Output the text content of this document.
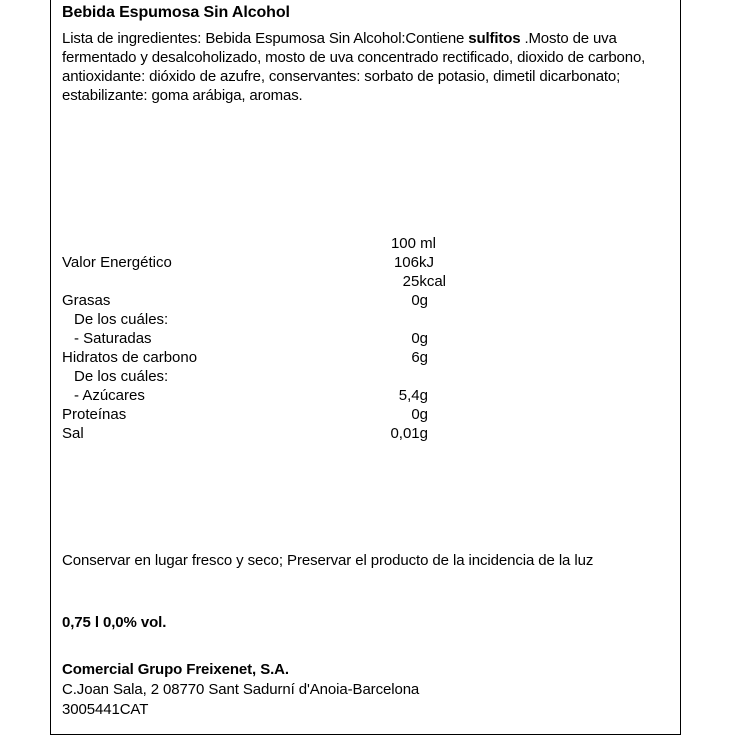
Bebida Espumosa Sin Alcohol
Lista de ingredientes: Bebida Espumosa Sin Alcohol:Contiene sulfitos .Mosto de uva fermentado y desalcoholizado, mosto de uva concentrado rectificado, dioxido de carbono, antioxidante: dióxido de azufre, conservantes: sorbato de potasio, dimetil dicarbonato; estabilizante: goma arábiga, aromas.
100 ml
Valor Energético	106kJ
25kcal
Grasas	0g
De los cuáles:
- Saturadas	0g
Hidratos de carbono	6g
De los cuáles:
- Azúcares	5,4g
Proteínas	0g
Sal	0,01g
Conservar en lugar fresco y seco; Preservar el producto de la incidencia de la luz
0,75 l 0,0% vol.
Comercial Grupo Freixenet, S.A.
C.Joan Sala, 2 08770 Sant Sadurní d'Anoia-Barcelona
3005441CAT
